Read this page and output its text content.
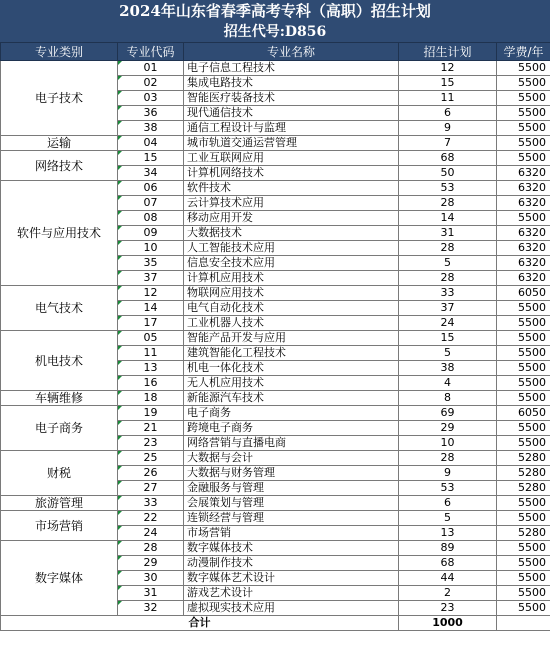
2024年山东省春季高考专科（高职）招生计划
招生代号:D856
专业类别	专业代码	专业名称	招生计划	学费/年
电子技术	01	电子信息工程技术	12	5500
	02	集成电路技术	15	5500
	03	智能医疗装备技术	11	5500
	36	现代通信技术	6	5500
	38	通信工程设计与监理	9	5500
运输	04	城市轨道交通运营管理	7	5500
网络技术	15	工业互联网应用	68	5500
	34	计算机网络技术	50	6320
软件与应用技术	06	软件技术	53	6320
	07	云计算技术应用	28	6320
	08	移动应用开发	14	5500
	09	大数据技术	31	6320
	10	人工智能技术应用	28	6320
	35	信息安全技术应用	5	6320
	37	计算机应用技术	28	6320
电气技术	12	物联网应用技术	33	6050
	14	电气自动化技术	37	5500
	17	工业机器人技术	24	5500
机电技术	05	智能产品开发与应用	15	5500
	11	建筑智能化工程技术	5	5500
	13	机电一体化技术	38	5500
	16	无人机应用技术	4	5500
车辆维修	18	新能源汽车技术	8	5500
电子商务	19	电子商务	69	6050
	21	跨境电子商务	29	5500
	23	网络营销与直播电商	10	5500
财税	25	大数据与会计	28	5280
	26	大数据与财务管理	9	5280
	27	金融服务与管理	53	5280
旅游管理	33	会展策划与管理	6	5500
市场营销	22	连锁经营与管理	5	5500
	24	市场营销	13	5280
数字媒体	28	数字媒体技术	89	5500
	29	动漫制作技术	68	5500
	30	数字媒体艺术设计	44	5500
	31	游戏艺术设计	2	5500
	32	虚拟现实技术应用	23	5500
合计			1000	
